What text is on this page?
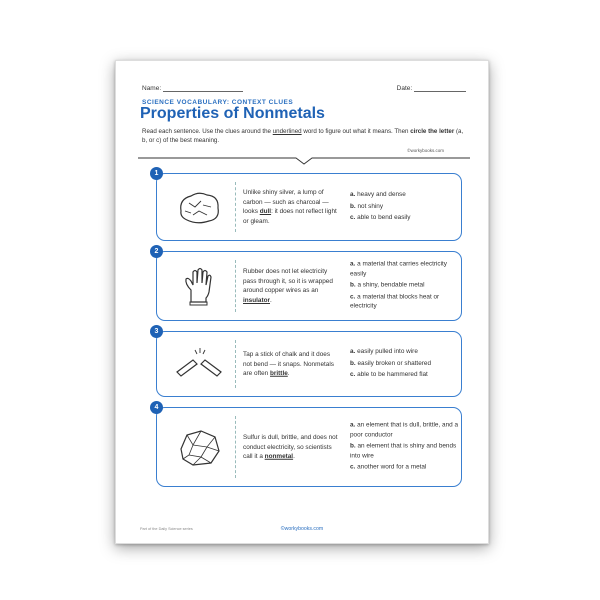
Name:	Date:
SCIENCE VOCABULARY: CONTEXT CLUES
Properties of Nonmetals
Read each sentence. Use the clues around the underlined word to figure out what it means. Then circle the letter (a, b, or c) of the best meaning.
©workybooks.com
1
Unlike shiny silver, a lump of carbon — such as charcoal — looks dull: it does not reflect light or gleam.
a. heavy and dense
b. not shiny
c. able to bend easily
2
Rubber does not let electricity pass through it, so it is wrapped around copper wires as an insulator.
a. a material that carries electricity easily
b. a shiny, bendable metal
c. a material that blocks heat or electricity
3
Tap a stick of chalk and it does not bend — it snaps. Nonmetals are often brittle.
a. easily pulled into wire
b. easily broken or shattered
c. able to be hammered flat
4
Sulfur is dull, brittle, and does not conduct electricity, so scientists call it a nonmetal.
a. an element that is dull, brittle, and a poor conductor
b. an element that is shiny and bends into wire
c. another word for a metal
Part of the Daily Science series	©workybooks.com
